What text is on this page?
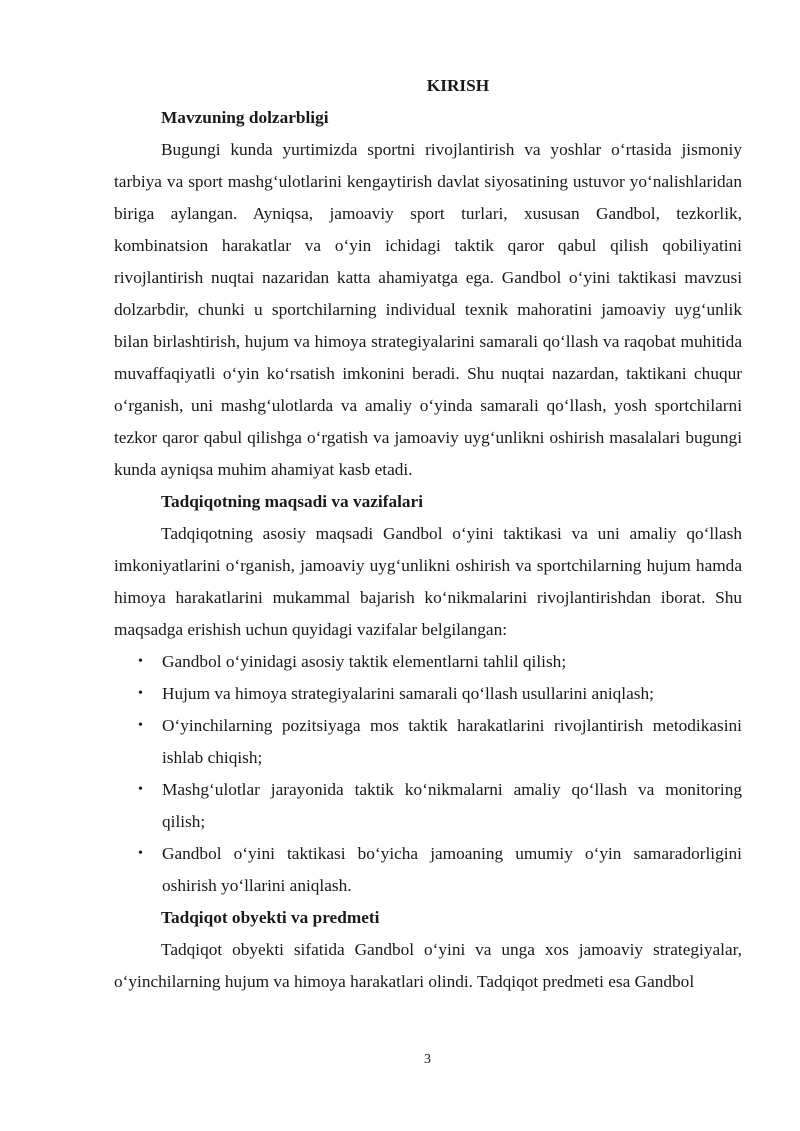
KIRISH
Mavzuning dolzarbligi

Bugungi kunda yurtimizda sportni rivojlantirish va yoshlar o‘rtasida jismoniy tarbiya va sport mashg‘ulotlarini kengaytirish davlat siyosatining ustuvor yo‘nalishlaridan biriga aylangan. Ayniqsa, jamoaviy sport turlari, xususan Gandbol, tezkorlik, kombinatsion harakatlar va o‘yin ichidagi taktik qaror qabul qilish qobiliyatini rivojlantirish nuqtai nazaridan katta ahamiyatga ega. Gandbol o‘yini taktikasi mavzusi dolzarbdir, chunki u sportchilarning individual texnik mahoratini jamoaviy uyg‘unlik bilan birlashtirish, hujum va himoya strategiyalarini samarali qo‘llash va raqobat muhitida muvaffaqiyatli o‘yin ko‘rsatish imkonini beradi. Shu nuqtai nazardan, taktikani chuqur o‘rganish, uni mashg‘ulotlarda va amaliy o‘yinda samarali qo‘llash, yosh sportchilarni tezkor qaror qabul qilishga o‘rgatish va jamoaviy uyg‘unlikni oshirish masalalari bugungi kunda ayniqsa muhim ahamiyat kasb etadi.

Tadqiqotning maqsadi va vazifalari

Tadqiqotning asosiy maqsadi Gandbol o‘yini taktikasi va uni amaliy qo‘llash imkoniyatlarini o‘rganish, jamoaviy uyg‘unlikni oshirish va sportchilarning hujum hamda himoya harakatlarini mukammal bajarish ko‘nikmalarini rivojlantirishdan iborat. Shu maqsadga erishish uchun quyidagi vazifalar belgilangan:

• Gandbol o‘yinidagi asosiy taktik elementlarni tahlil qilish;
• Hujum va himoya strategiyalarini samarali qo‘llash usullarini aniqlash;
• O‘yinchilarning pozitsiyaga mos taktik harakatlarini rivojlantirish metodikasini ishlab chiqish;
• Mashg‘ulotlar jarayonida taktik ko‘nikmalarni amaliy qo‘llash va monitoring qilish;
• Gandbol o‘yini taktikasi bo‘yicha jamoaning umumiy o‘yin samaradorligini oshirish yo‘llarini aniqlash.
Tadqiqot obyekti va predmeti

Tadqiqot obyekti sifatida Gandbol o‘yini va unga xos jamoaviy strategiyalar, o‘yinchilarning hujum va himoya harakatlari olindi. Tadqiqot predmeti esa Gandbol

3
